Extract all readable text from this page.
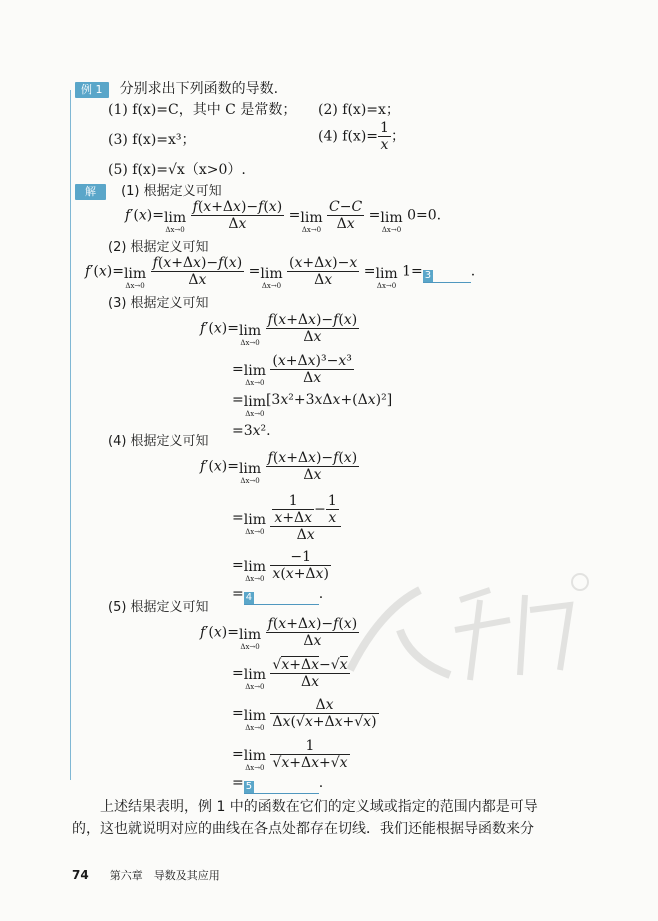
例 1 分别求出下列函数的导数.
(1) f(x)=C，其中 C 是常数； (2) f(x)=x；
(3) f(x)=x³；	(4) $f(x)= \frac{1}{x}$ ；
(5) f(x)=√x（x>0）.
解 (1) 根据定义可知
f′(x)= lim
Δx→0
$\frac{f(x+\Delta x)-f(x)}{\Delta x} = \lim$
Δx→0
$\frac{C-C}{\Delta x} = \lim$
Δx→0
0=0.
(2) 根据定义可知
f′(x)= lim
Δx→0
$\frac{f(x+\Delta x)-f(x)}{\Delta x} = \lim$
Δx→0
$\frac{(x+\Delta x)-x}{\Delta x} = \lim$
Δx→0
1= 3	.
(3) 根据定义可知
f′(x)= lim
Δx→0
$\frac{f(x+\Delta x)-f(x)}{\Delta x}$
= lim
Δx→0
$\frac{\text{(x+Δx)³−x³}}{\Delta x}$
= lim
Δx→0
[3x²+3xΔx+(Δx)²]
=3x².
(4) 根据定义可知
f′(x)= lim
Δx→0
$\frac{f(x+\Delta x)-f(x)}{\Delta x}$
= lim
Δx→0
$\frac{\frac{1}{x+\Delta x} - \frac{1}{x}}{\Delta x}$
= lim
Δx→0
$\frac{-1}{x(x+\Delta x)}$
= 4	.
(5) 根据定义可知
f′(x)= lim
Δx→0
$\frac{f(x+\Delta x)-f(x)}{\Delta x}$
= lim
Δx→0
$\frac{√x+\Delta x-√x}{\Delta x}$
= lim
Δx→0
$\frac{\Delta x}{\Delta x(√x+\Delta x+√x)}$
= lim
Δx→0
$\frac{1}{√x+\Delta x+√x}$
= 5	.
上述结果表明，例 1 中的函数在它们的定义域或指定的范围内都是可导
的，这也就说明对应的曲线在各点处都存在切线．我们还能根据导函数来分
74 第六章　导数及其应用
